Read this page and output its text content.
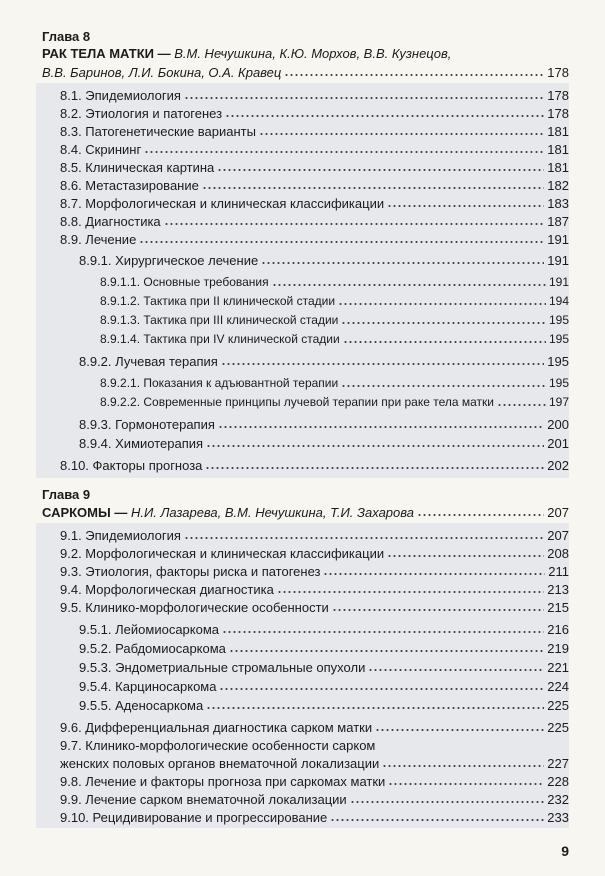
Глава 8
РАК ТЕЛА МАТКИ — В.М. Нечушкина, К.Ю. Морхов, В.В. Кузнецов,
В.В. Баринов, Л.И. Бокина, О.А. Кравец	178
8.1. Эпидемиология	178
8.2. Этиология и патогенез	178
8.3. Патогенетические варианты	181
8.4. Скрининг	181
8.5. Клиническая картина	181
8.6. Метастазирование	182
8.7. Морфологическая и клиническая классификации	183
8.8. Диагностика	187
8.9. Лечение	191
8.9.1. Хирургическое лечение	191
8.9.1.1. Основные требования	191
8.9.1.2. Тактика при II клинической стадии	194
8.9.1.3. Тактика при III клинической стадии	195
8.9.1.4. Тактика при IV клинической стадии	195
8.9.2. Лучевая терапия	195
8.9.2.1. Показания к адъювантной терапии	195
8.9.2.2. Современные принципы лучевой терапии при раке тела матки	197
8.9.3. Гормонотерапия	200
8.9.4. Химиотерапия	201
8.10. Факторы прогноза	202
Глава 9
САРКОМЫ — Н.И. Лазарева, В.М. Нечушкина, Т.И. Захарова	207
9.1. Эпидемиология	207
9.2. Морфологическая и клиническая классификации	208
9.3. Этиология, факторы риска и патогенез	211
9.4. Морфологическая диагностика	213
9.5. Клинико-морфологические особенности	215
9.5.1. Лейомиосаркома	216
9.5.2. Рабдомиосаркома	219
9.5.3. Эндометриальные стромальные опухоли	221
9.5.4. Карциносаркома	224
9.5.5. Аденосаркома	225
9.6. Дифференциальная диагностика сарком матки	225
9.7. Клинико-морфологические особенности сарком
женских половых органов внематочной локализации	227
9.8. Лечение и факторы прогноза при саркомах матки	228
9.9. Лечение сарком внематочной локализации	232
9.10. Рецидивирование и прогрессирование	233
9
